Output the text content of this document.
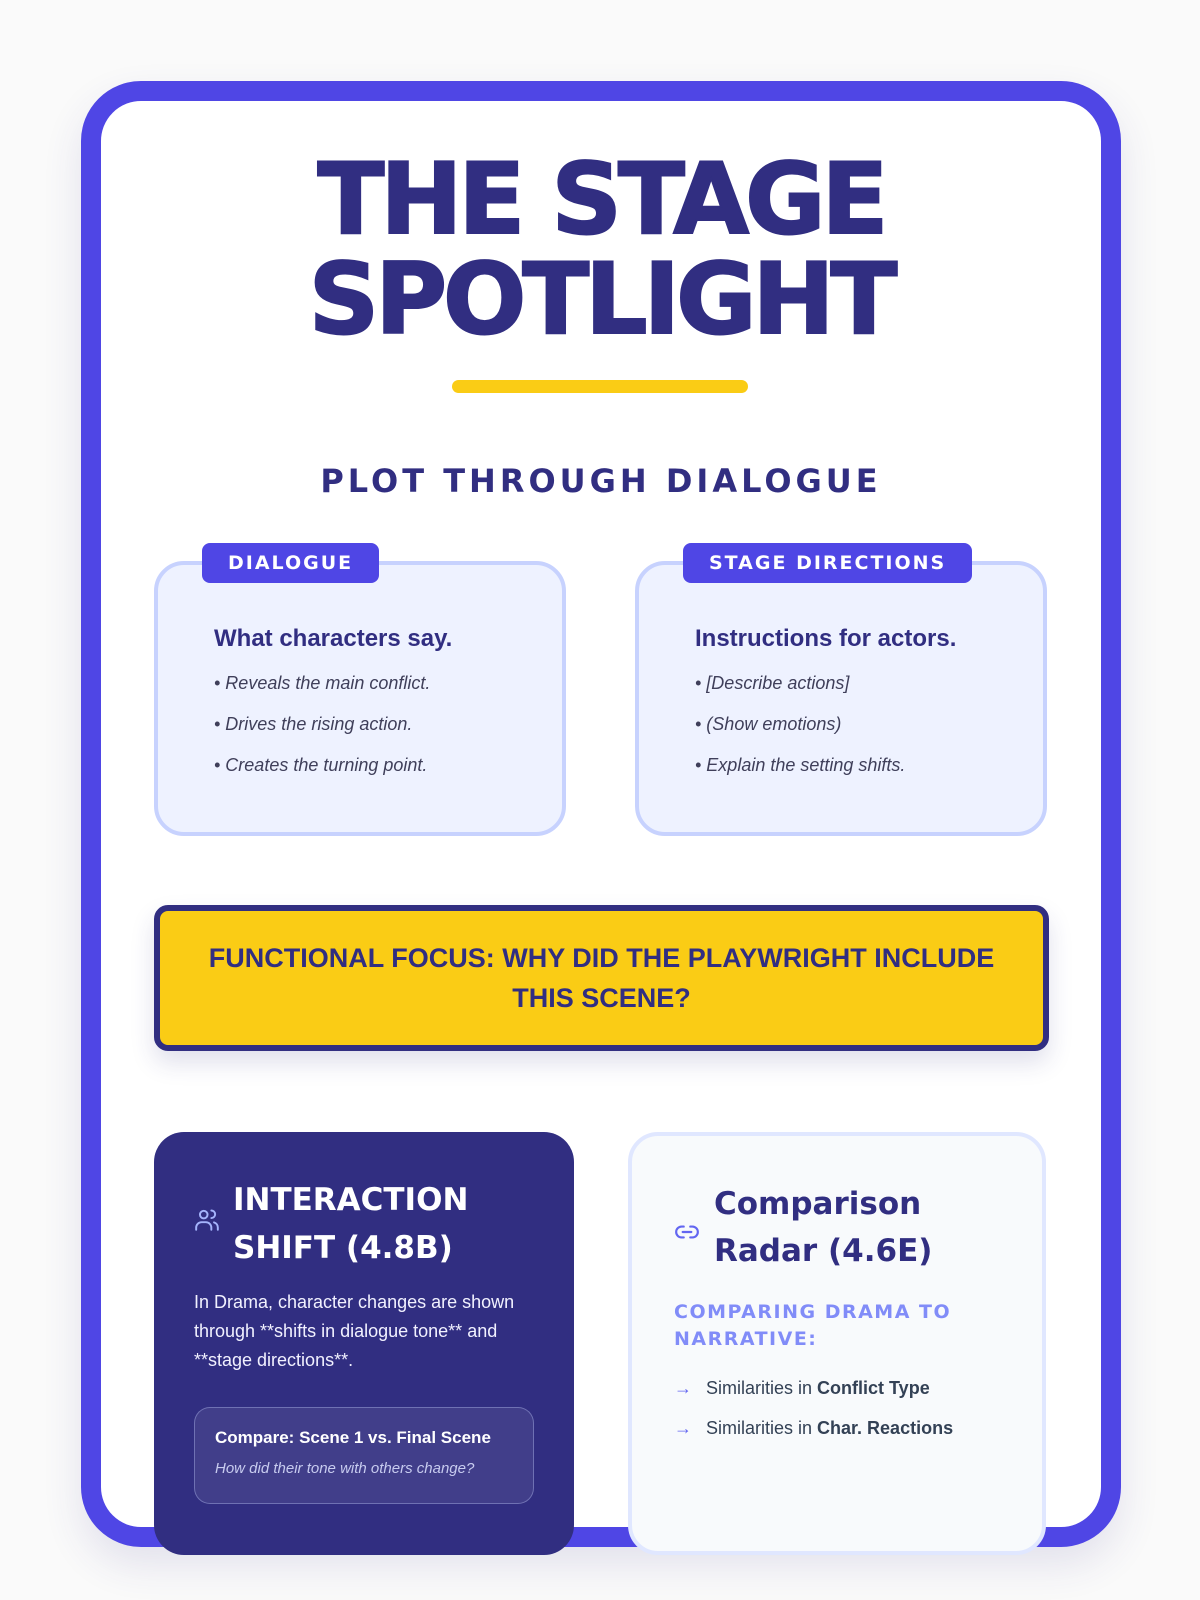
THE STAGE
SPOTLIGHT
PLOT THROUGH DIALOGUE
DIALOGUE

What characters say.

• Reveals the main conflict.
• Drives the rising action.
• Creates the turning point.
STAGE DIRECTIONS

Instructions for actors.

• [Describe actions]
• (Show emotions)
• Explain the setting shifts.
FUNCTIONAL FOCUS: WHY DID THE PLAYWRIGHT INCLUDE THIS SCENE?
INTERACTION
SHIFT (4.8B)

In Drama, character changes are shown through **shifts in dialogue tone** and **stage directions**.

Compare: Scene 1 vs. Final Scene
How did their tone with others change?
Comparison
Radar (4.6E)

COMPARING DRAMA TO NARRATIVE:

→ Similarities in Conflict Type
→ Similarities in Char. Reactions
